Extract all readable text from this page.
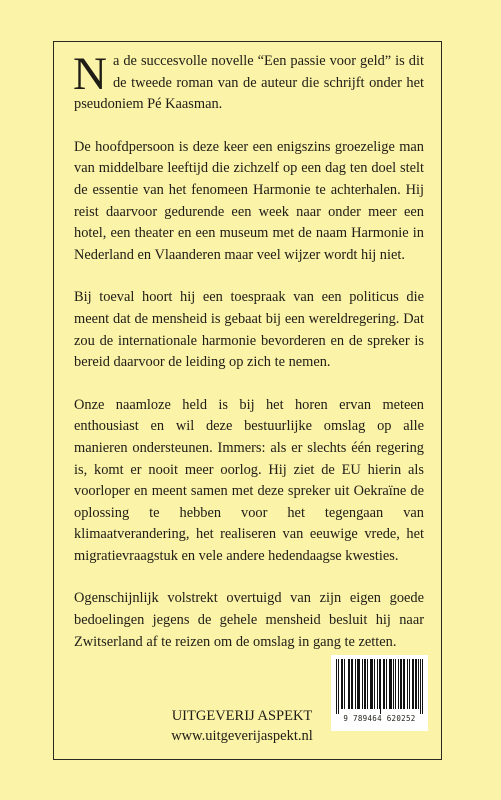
Na de succesvolle novelle “Een passie voor geld” is dit de tweede roman van de auteur die schrijft onder het pseudoniem Pé Kaasman.

De hoofdpersoon is deze keer een enigszins groezelige man van middelbare leeftijd die zichzelf op een dag ten doel stelt de essentie van het fenomeen Harmonie te achterhalen. Hij reist daarvoor gedurende een week naar onder meer een hotel, een theater en een museum met de naam Harmonie in Nederland en Vlaanderen maar veel wijzer wordt hij niet.

Bij toeval hoort hij een toespraak van een politicus die meent dat de mensheid is gebaat bij een wereldregering. Dat zou de internationale harmonie bevorderen en de spreker is bereid daarvoor de leiding op zich te nemen.

Onze naamloze held is bij het horen ervan meteen enthousiast en wil deze bestuurlijke omslag op alle manieren ondersteunen. Immers: als er slechts één regering is, komt er nooit meer oorlog. Hij ziet de EU hierin als voorloper en meent samen met deze spreker uit Oekraïne de oplossing te hebben voor het tegengaan van klimaatverandering, het realiseren van eeuwige vrede, het migratievraagstuk en vele andere hedendaagse kwesties.

Ogenschijnlijk volstrekt overtuigd van zijn eigen goede bedoelingen jegens de gehele mensheid besluit hij naar Zwitserland af te reizen om de omslag in gang te zetten.

UITGEVERIJ ASPEKT
www.uitgeverijaspekt.nl
9 789464 620252
